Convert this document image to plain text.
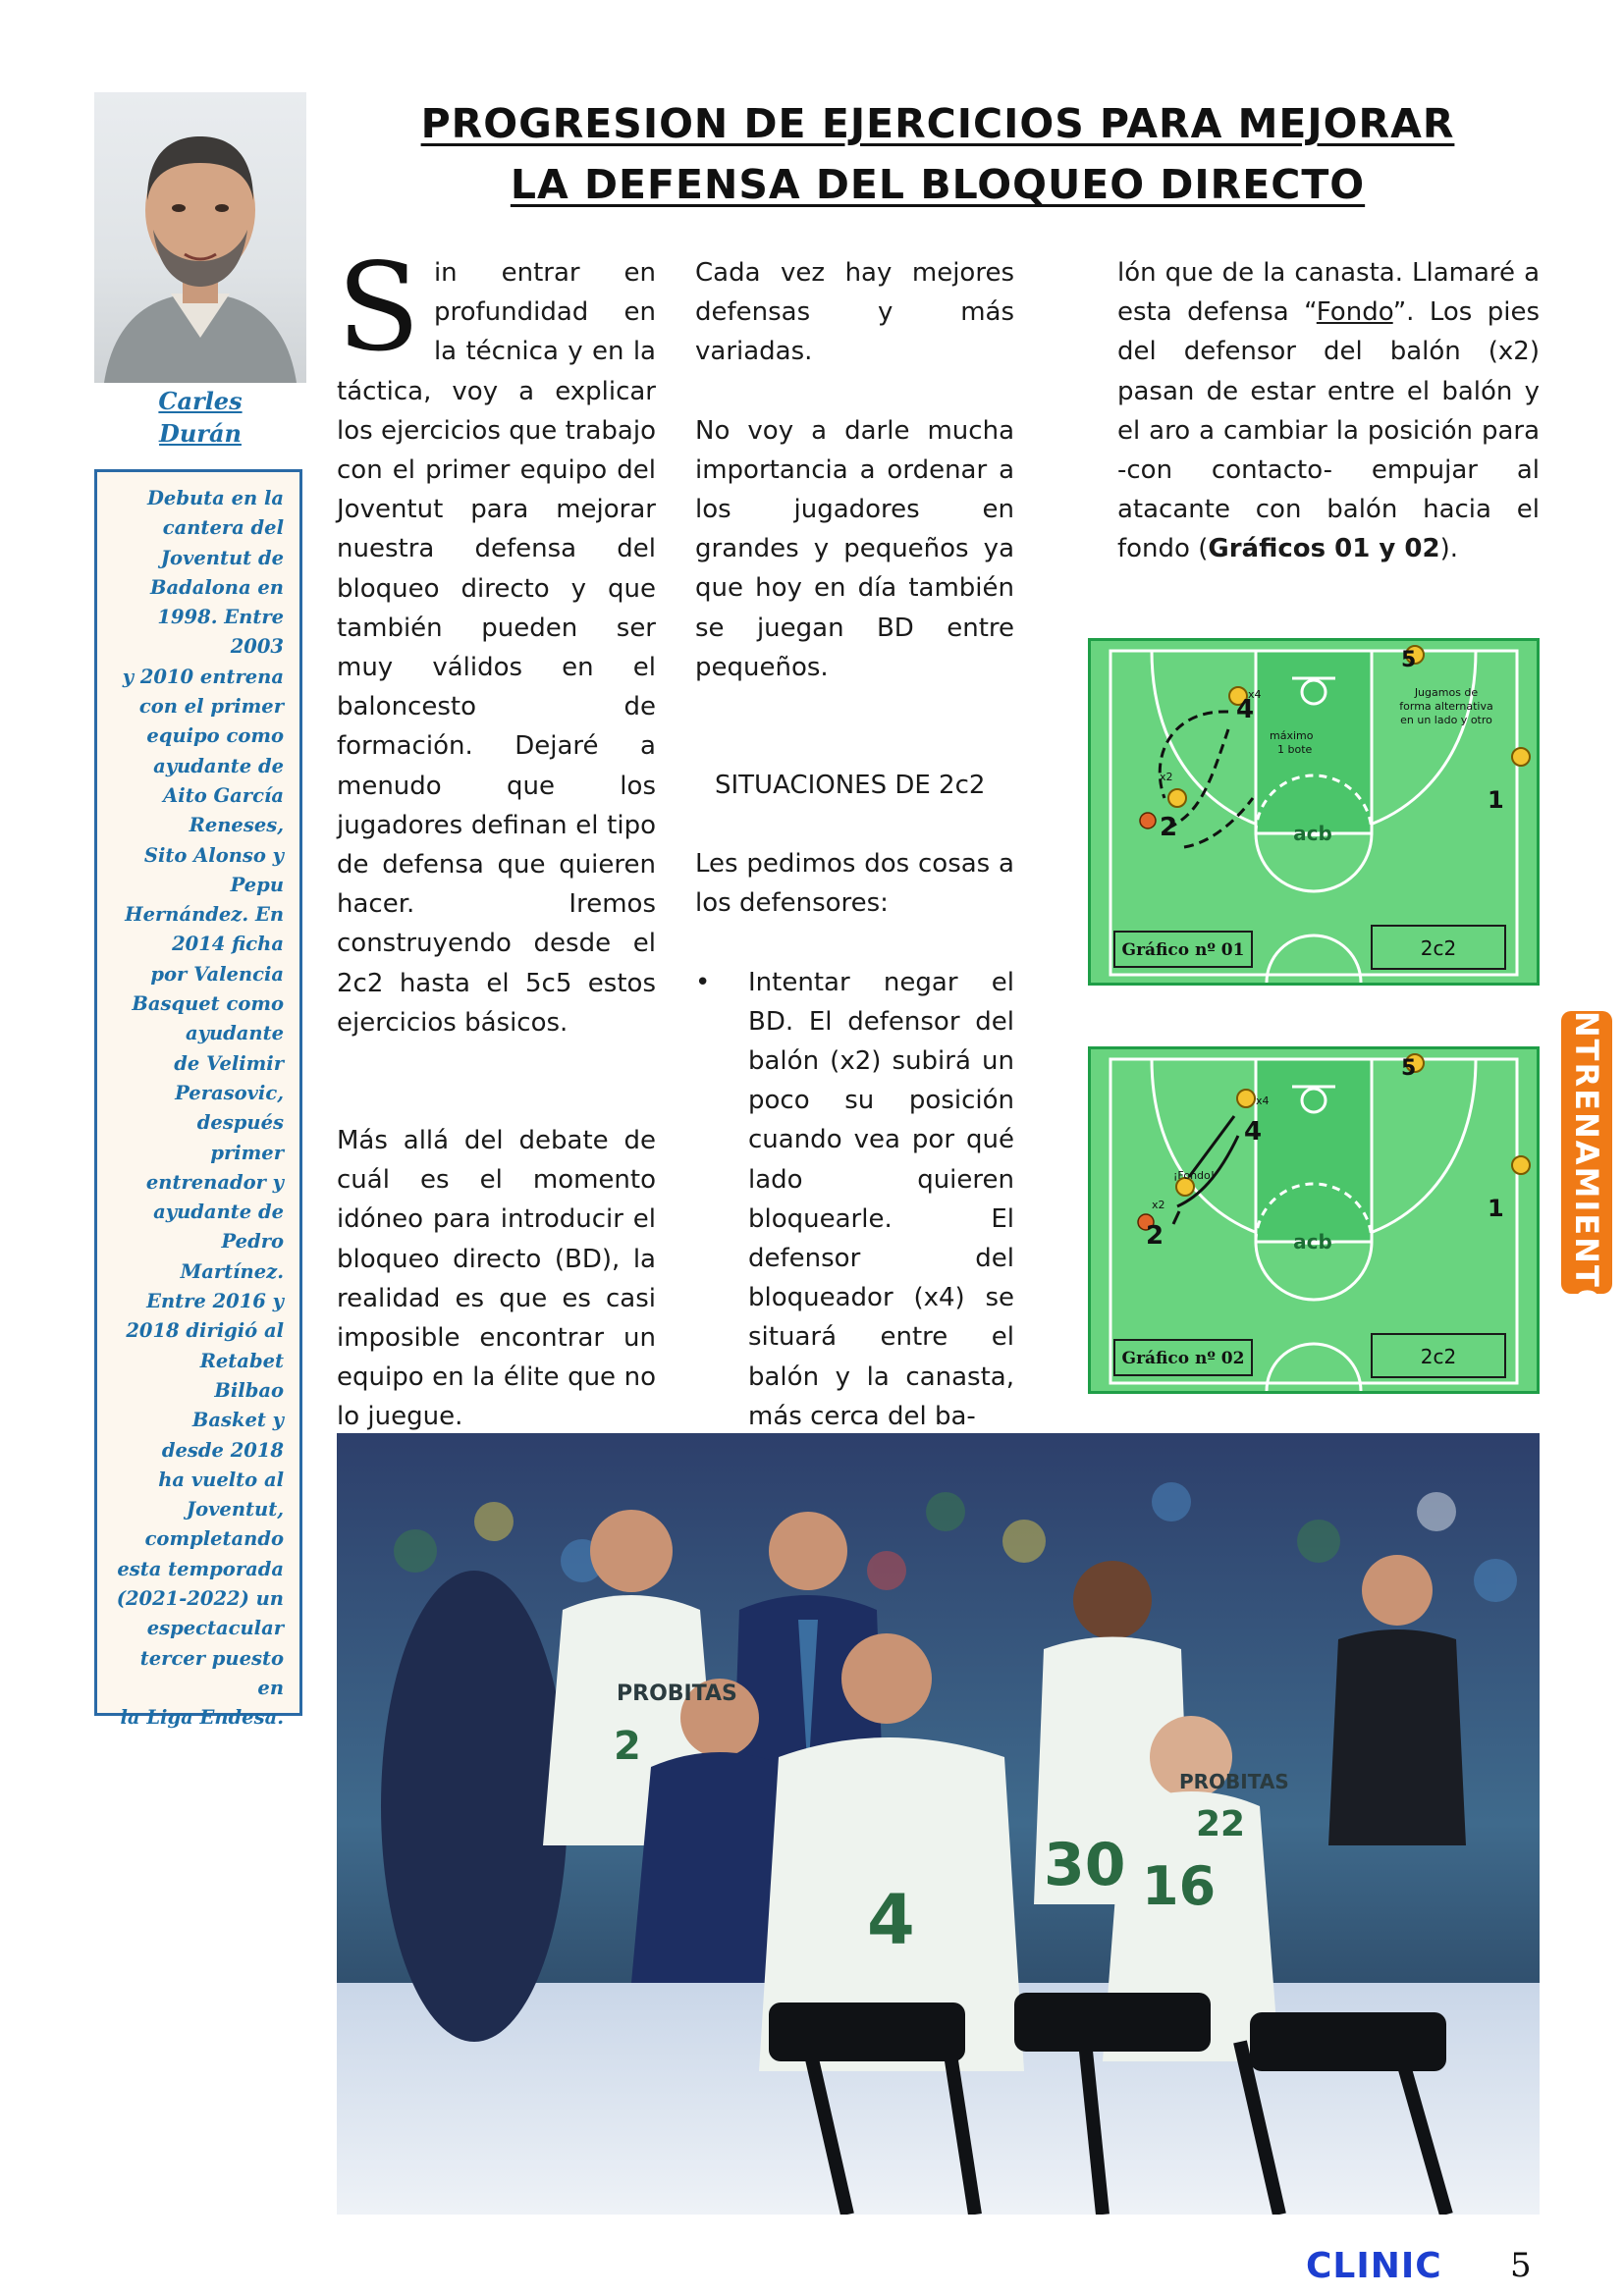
Carles
Durán
Debuta en la
cantera del
Joventut de
Badalona en
1998. Entre
2003
y 2010 entrena
con el primer
equipo como
ayudante de
Aito García
Reneses,
Sito Alonso y
Pepu
Hernández. En
2014 ficha
por Valencia
Basquet como
ayudante
de Velimir
Perasovic,
después
primer
entrenador y
ayudante de
Pedro
Martínez.
Entre 2016 y
2018 dirigió al
Retabet
Bilbao
Basket y
desde 2018
ha vuelto al
Joventut,
completando
esta temporada
(2021-2022) un
espectacular
tercer puesto en
la Liga Endesa.
PROGRESION DE EJERCICIOS PARA MEJORAR
LA DEFENSA DEL BLOQUEO DIRECTO

Sin entrar en profundidad en la técnica y en la táctica, voy a explicar los ejercicios que trabajo con el primer equipo del Joventut para mejorar nuestra defensa del bloqueo directo y que también pueden ser muy válidos en el baloncesto de formación. Dejaré a menudo que los jugadores definan el tipo de defensa que quieren hacer. Iremos construyendo desde el 2c2 hasta el 5c5 estos ejercicios básicos.

Más allá del debate de cuál es el momento idóneo para introducir el bloqueo directo (BD), la realidad es que es casi imposible encontrar un equipo en la élite que no lo juegue.

Cada vez hay mejores defensas y más variadas.

No voy a darle mucha importancia a ordenar a los jugadores en grandes y pequeños ya que hoy en día también se juegan BD entre pequeños.

SITUACIONES DE 2c2

Les pedimos dos cosas a los defensores:

•	Intentar negar el BD. El defensor del balón (x2) subirá un poco su posición cuando vea por qué lado quieren bloquearle. El defensor del bloqueador (x4) se situará entre el balón y la canasta, más cerca del ba-

lón que de la canasta. Llamaré a esta defensa “Fondo”. Los pies del defensor del balón (x2) pasan de estar entre el balón y el aro a cambiar la posición para -con contacto- empujar al atacante con balón hacia el fondo (Gráficos 01 y 02).

acb
5
4
x4
x2
2
1
máximo
1 bote
Jugamos de
forma alternativa
en un lado y otro
Gráfico nº 01	2c2
acb
5
4
x4
x2
2
1
¡Fondo!
Gráfico nº 02	2c2
ENTRENAMIENTO
PROBITAS
2
PROBITAS
22
4
30 16
CLINIC 5
